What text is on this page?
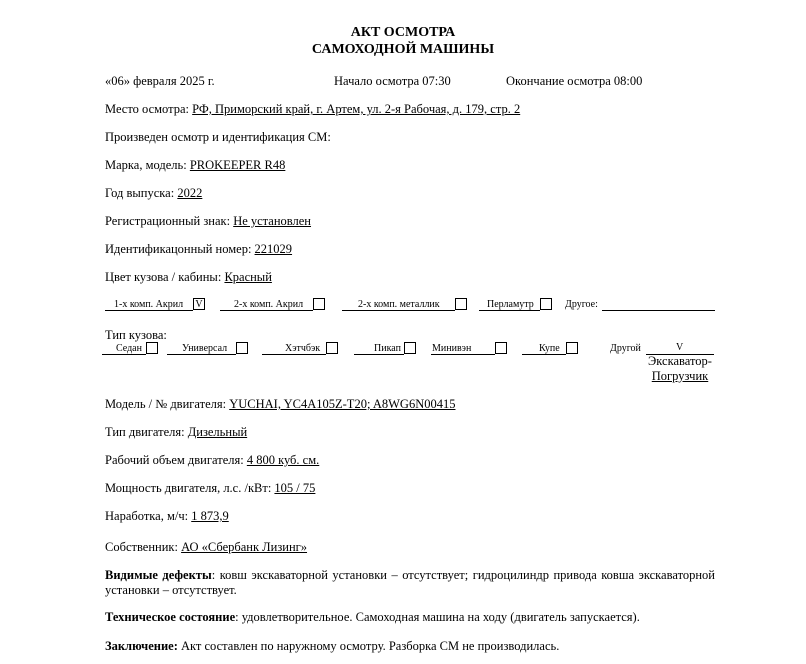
АКТ ОСМОТРА
САМОХОДНОЙ МАШИНЫ
«06» февраля 2025 г.	Начало осмотра 07:30	Окончание осмотра 08:00
Место осмотра: РФ, Приморский край, г. Артем, ул. 2-я Рабочая, д. 179, стр. 2
Произведен осмотр и идентификация СМ:
Марка, модель: PROKEEPER R48
Год выпуска: 2022
Регистрационный знак: Не установлен
Идентификацонный номер: 221029
Цвет кузова / кабины: Красный
1-х комп. Акрил V	2-х комп. Акрил	2-х комп. металлик	Перламутр	Другое:
Тип кузова:
Седан	Универсал	Хэтчбэк	Пикап	Минивэн	Купе	Другой	V
Экскаватор-
Погрузчик
Модель / № двигателя: YUCHAI, YC4A105Z-T20; A8WG6N00415
Тип двигателя: Дизельный
Рабочий объем двигателя: 4 800 куб. см.
Мощность двигателя, л.с. /кВт: 105 / 75
Наработка, м/ч: 1 873,9
Собственник: АО «Сбербанк Лизинг»
Видимые дефекты: ковш экскаваторной установки – отсутствует; гидроцилиндр привода ковша экскаваторной установки – отсутствует.
Техническое состояние: удовлетворительное. Самоходная машина на ходу (двигатель запускается).
Заключение: Акт составлен по наружному осмотру. Разборка СМ не производилась.
